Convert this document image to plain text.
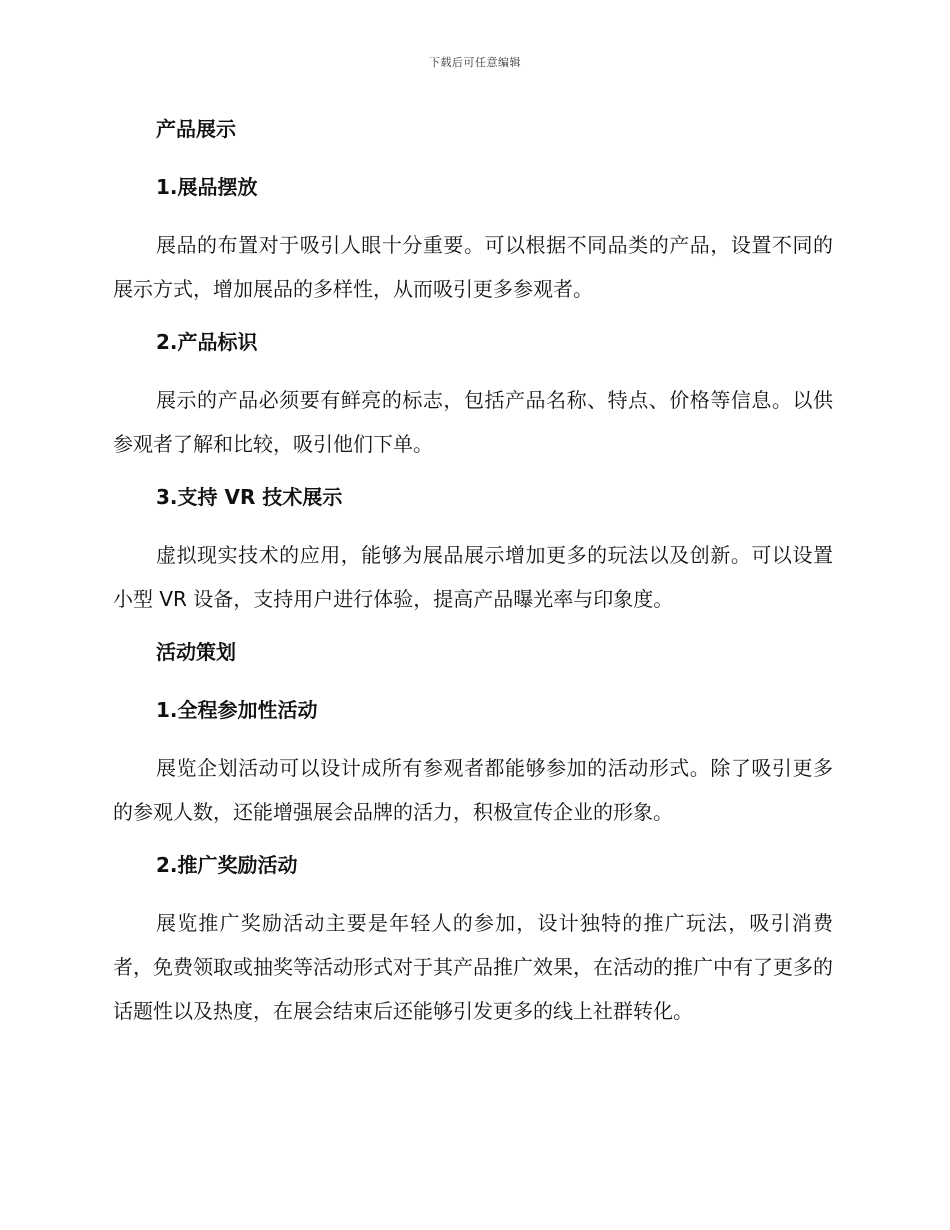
下载后可任意编辑
产品展示
1.展品摆放
展品的布置对于吸引人眼十分重要。可以根据不同品类的产品，设置不同的展示方式，增加展品的多样性，从而吸引更多参观者。
2.产品标识
展示的产品必须要有鲜亮的标志，包括产品名称、特点、价格等信息。以供参观者了解和比较，吸引他们下单。
3.支持 VR 技术展示
虚拟现实技术的应用，能够为展品展示增加更多的玩法以及创新。可以设置小型 VR 设备，支持用户进行体验，提高产品曝光率与印象度。
活动策划
1.全程参加性活动
展览企划活动可以设计成所有参观者都能够参加的活动形式。除了吸引更多的参观人数，还能增强展会品牌的活力，积极宣传企业的形象。
2.推广奖励活动
展览推广奖励活动主要是年轻人的参加，设计独特的推广玩法，吸引消费者，免费领取或抽奖等活动形式对于其产品推广效果，在活动的推广中有了更多的话题性以及热度，在展会结束后还能够引发更多的线上社群转化。
